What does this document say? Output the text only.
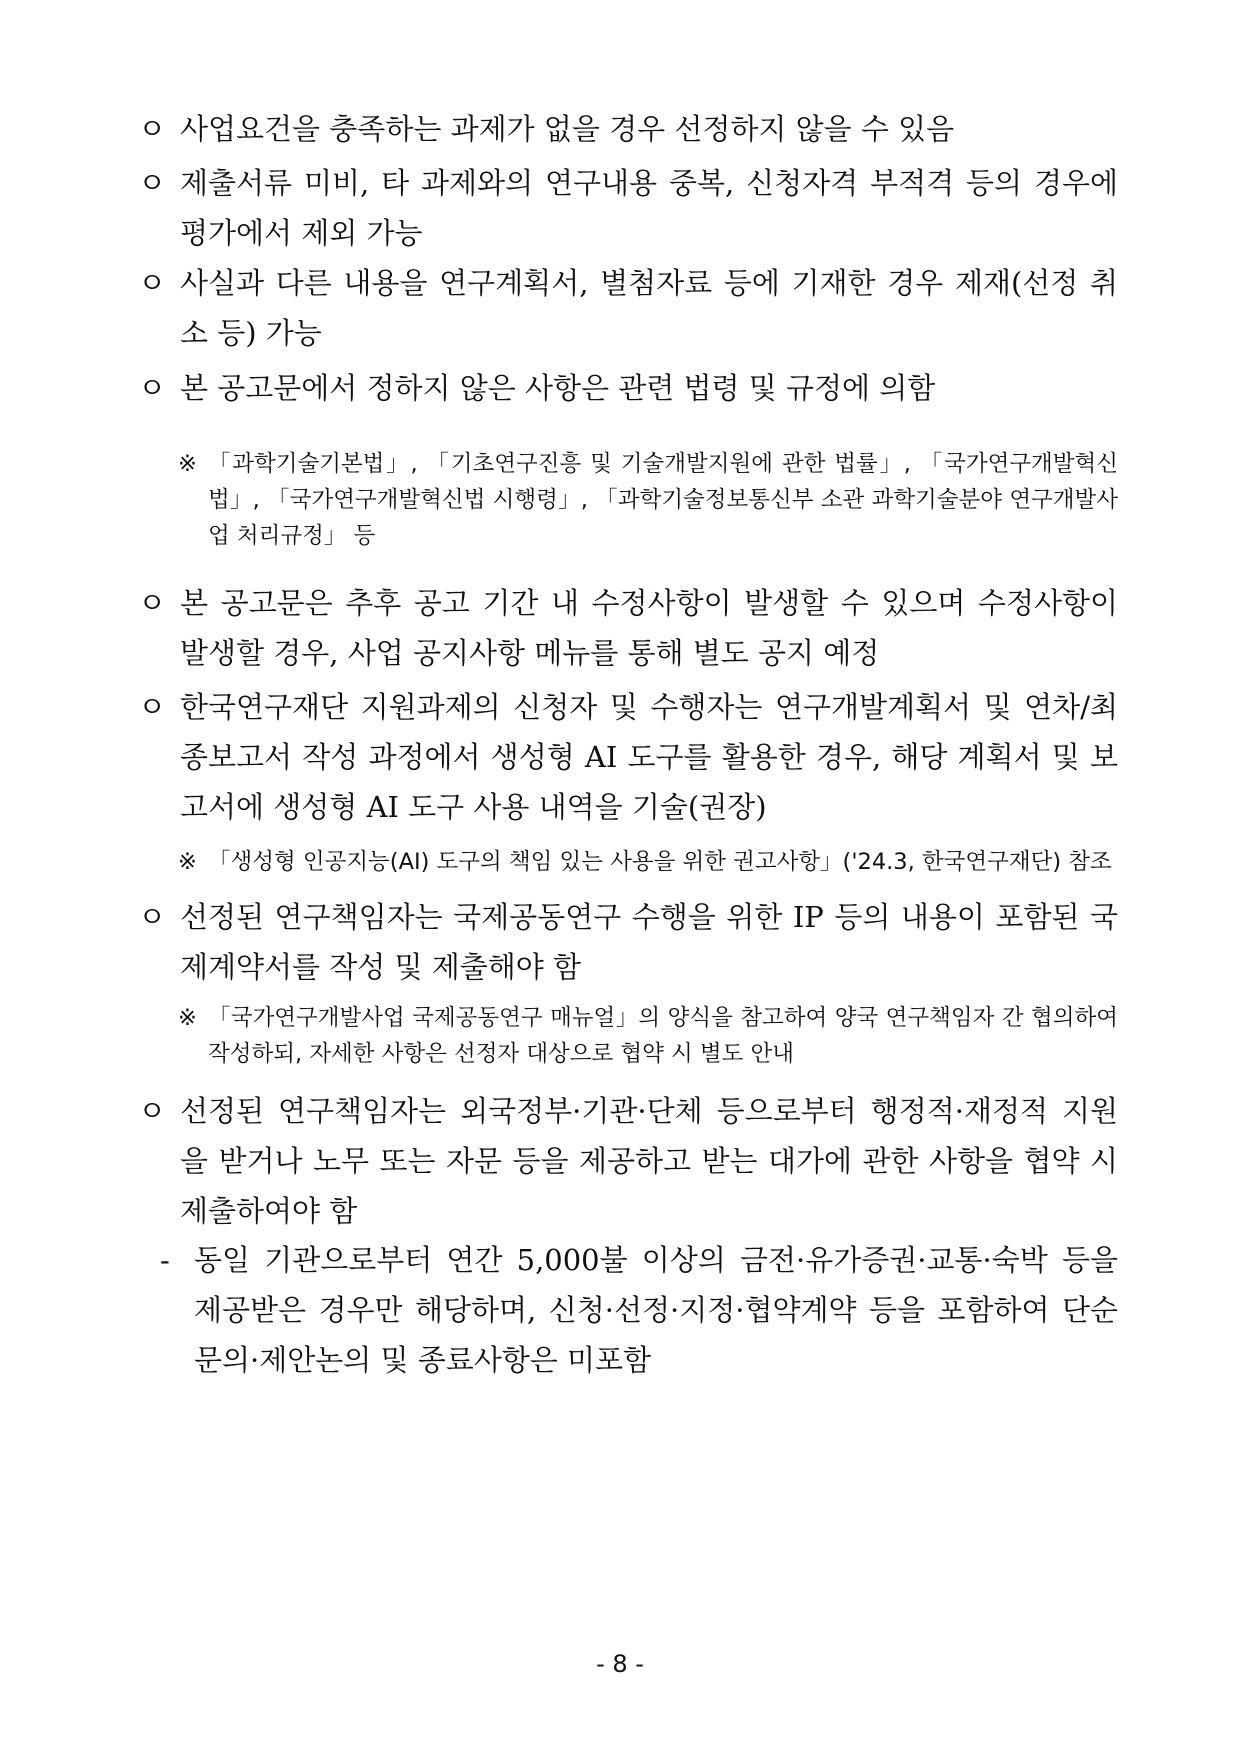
ㅇ 사업요건을 충족하는 과제가 없을 경우 선정하지 않을 수 있음
ㅇ 제출서류 미비, 타 과제와의 연구내용 중복, 신청자격 부적격 등의 경우에 평가에서 제외 가능
ㅇ 사실과 다른 내용을 연구계획서, 별첨자료 등에 기재한 경우 제재(선정 취소 등) 가능
ㅇ 본 공고문에서 정하지 않은 사항은 관련 법령 및 규정에 의함
※ 「과학기술기본법」, 「기초연구진흥 및 기술개발지원에 관한 법률」, 「국가연구개발혁신법」, 「국가연구개발혁신법 시행령」, 「과학기술정보통신부 소관 과학기술분야 연구개발사업 처리규정」 등
ㅇ 본 공고문은 추후 공고 기간 내 수정사항이 발생할 수 있으며 수정사항이 발생할 경우, 사업 공지사항 메뉴를 통해 별도 공지 예정
ㅇ 한국연구재단 지원과제의 신청자 및 수행자는 연구개발계획서 및 연차/최종보고서 작성 과정에서 생성형 AI 도구를 활용한 경우, 해당 계획서 및 보고서에 생성형 AI 도구 사용 내역을 기술(권장)
※ 「생성형 인공지능(AI) 도구의 책임 있는 사용을 위한 권고사항」('24.3, 한국연구재단) 참조
ㅇ 선정된 연구책임자는 국제공동연구 수행을 위한 IP 등의 내용이 포함된 국제계약서를 작성 및 제출해야 함
※ 「국가연구개발사업 국제공동연구 매뉴얼」의 양식을 참고하여 양국 연구책임자 간 협의하여 작성하되, 자세한 사항은 선정자 대상으로 협약 시 별도 안내
ㅇ 선정된 연구책임자는 외국정부·기관·단체 등으로부터 행정적·재정적 지원을 받거나 노무 또는 자문 등을 제공하고 받는 대가에 관한 사항을 협약 시 제출하여야 함
- 동일 기관으로부터 연간 5,000불 이상의 금전·유가증권·교통·숙박 등을 제공받은 경우만 해당하며, 신청·선정·지정·협약계약 등을 포함하여 단순 문의·제안논의 및 종료사항은 미포함
- 8 -
